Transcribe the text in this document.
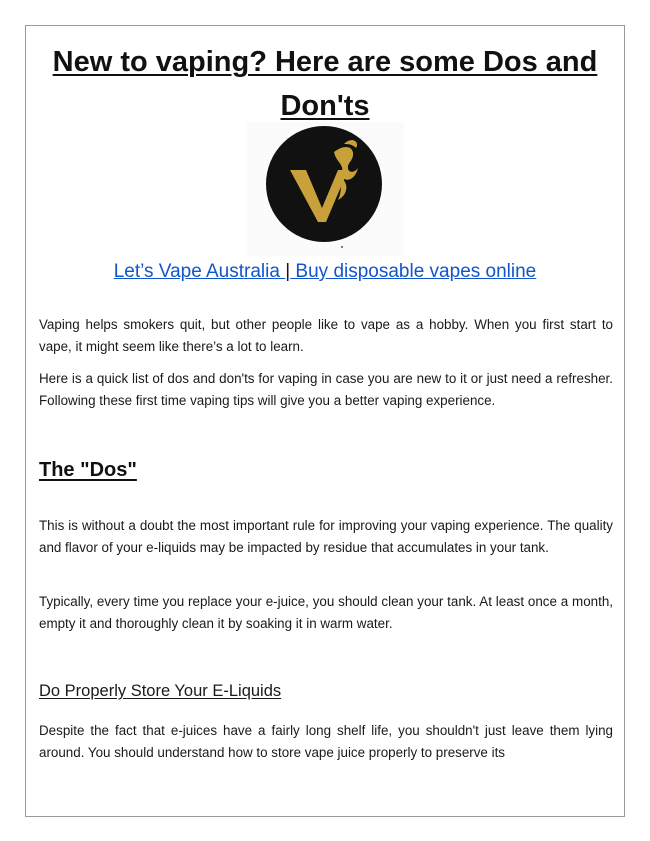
New to vaping? Here are some Dos and Don'ts
Let’s Vape Australia | Buy disposable vapes online

Vaping helps smokers quit, but other people like to vape as a hobby. When you first start to vape, it might seem like there’s a lot to learn.

Here is a quick list of dos and don'ts for vaping in case you are new to it or just need a refresher. Following these first time vaping tips will give you a better vaping experience.

The "Dos"

This is without a doubt the most important rule for improving your vaping experience. The quality and flavor of your e-liquids may be impacted by residue that accumulates in your tank.

Typically, every time you replace your e-juice, you should clean your tank. At least once a month, empty it and thoroughly clean it by soaking it in warm water.

Do Properly Store Your E-Liquids

Despite the fact that e-juices have a fairly long shelf life, you shouldn't just leave them lying around. You should understand how to store vape juice properly to preserve its
